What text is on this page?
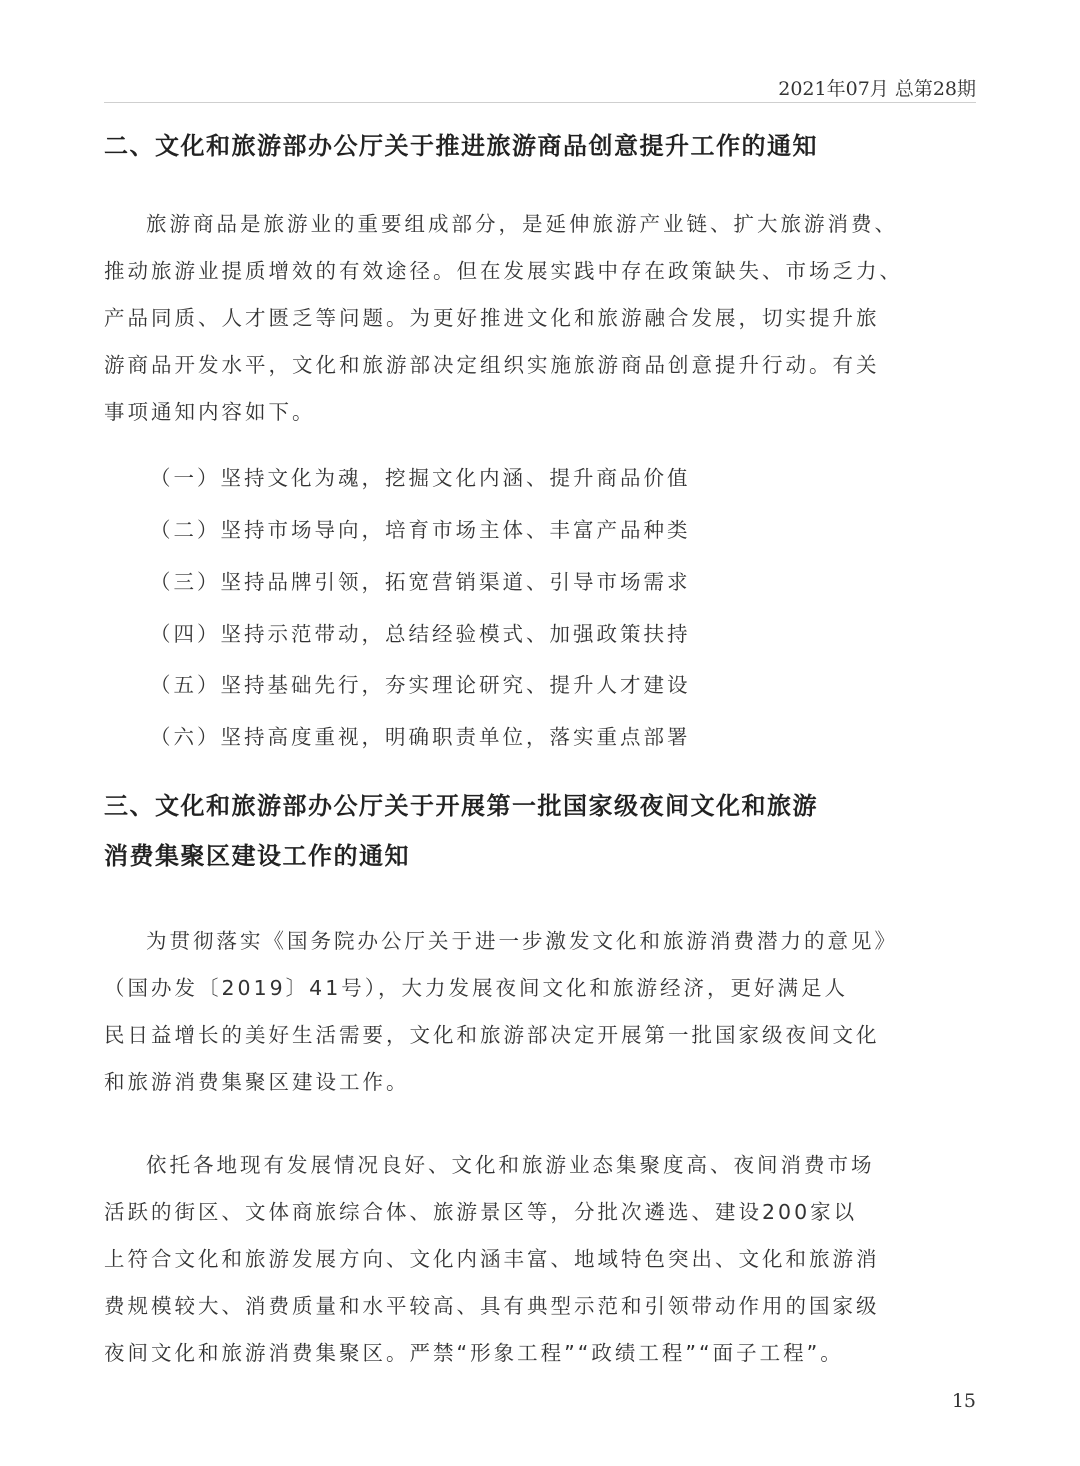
2021年07月 总第28期
二、文化和旅游部办公厅关于推进旅游商品创意提升工作的通知
旅游商品是旅游业的重要组成部分，是延伸旅游产业链、扩大旅游消费、
推动旅游业提质增效的有效途径。但在发展实践中存在政策缺失、市场乏力、
产品同质、人才匮乏等问题。为更好推进文化和旅游融合发展，切实提升旅
游商品开发水平，文化和旅游部决定组织实施旅游商品创意提升行动。有关
事项通知内容如下。
（一）坚持文化为魂，挖掘文化内涵、提升商品价值
（二）坚持市场导向，培育市场主体、丰富产品种类
（三）坚持品牌引领，拓宽营销渠道、引导市场需求
（四）坚持示范带动，总结经验模式、加强政策扶持
（五）坚持基础先行，夯实理论研究、提升人才建设
（六）坚持高度重视，明确职责单位，落实重点部署
三、文化和旅游部办公厅关于开展第一批国家级夜间文化和旅游
消费集聚区建设工作的通知
为贯彻落实《国务院办公厅关于进一步激发文化和旅游消费潜力的意见》
（国办发〔2019〕41号），大力发展夜间文化和旅游经济，更好满足人
民日益增长的美好生活需要，文化和旅游部决定开展第一批国家级夜间文化
和旅游消费集聚区建设工作。
依托各地现有发展情况良好、文化和旅游业态集聚度高、夜间消费市场
活跃的街区、文体商旅综合体、旅游景区等，分批次遴选、建设200家以
上符合文化和旅游发展方向、文化内涵丰富、地域特色突出、文化和旅游消
费规模较大、消费质量和水平较高、具有典型示范和引领带动作用的国家级
夜间文化和旅游消费集聚区。严禁“形象工程”“政绩工程”“面子工程”。
15
